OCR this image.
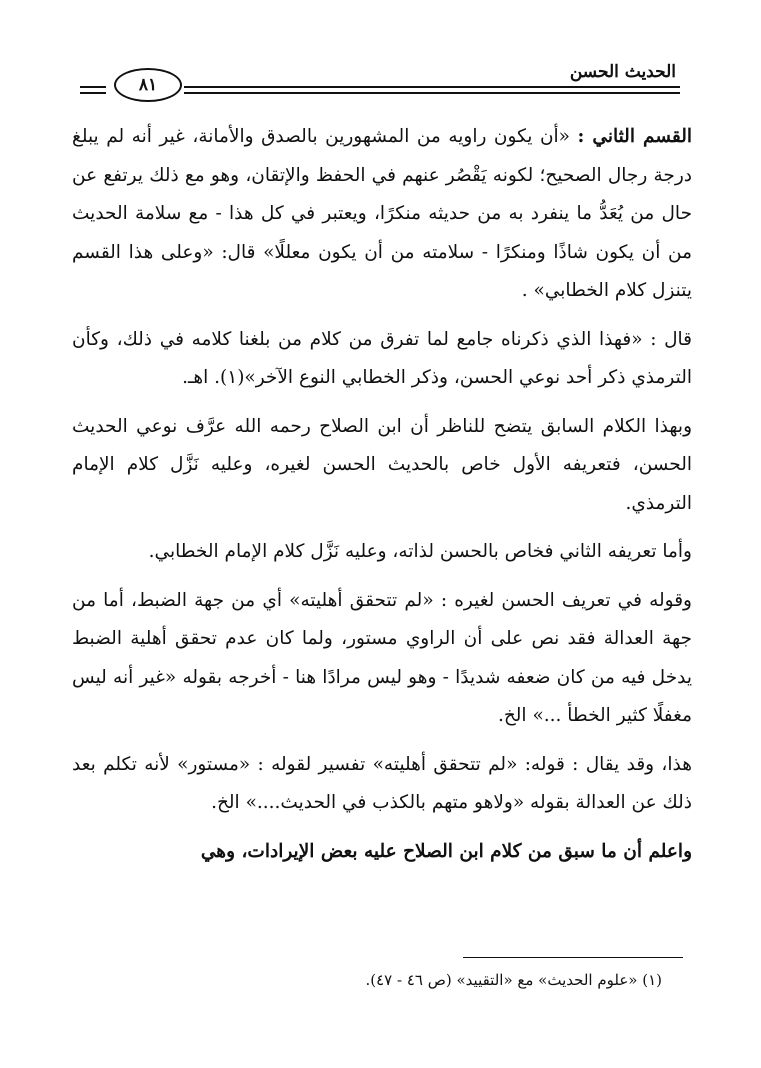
٨١
الحديث الحسن

القسم الثاني : «أن يكون راويه من المشهورين بالصدق والأمانة، غير أنه لم يبلغ درجة رجال الصحيح؛ لكونه يَقْصُر عنهم في الحفظ والإتقان، وهو مع ذلك يرتفع عن حال من يُعَدُّ ما ينفرد به من حديثه منكرًا، ويعتبر في كل هذا - مع سلامة الحديث من أن يكون شاذًا ومنكرًا - سلامته من أن يكون معللًا» قال: «وعلى هذا القسم يتنزل كلام الخطابي» .

قال : «فهذا الذي ذكرناه جامع لما تفرق من كلام من بلغنا كلامه في ذلك، وكأن الترمذي ذكر أحد نوعي الحسن، وذكر الخطابي النوع الآخر»(١). اهـ.

وبهذا الكلام السابق يتضح للناظر أن ابن الصلاح رحمه الله عرَّف نوعي الحديث الحسن، فتعريفه الأول خاص بالحديث الحسن لغيره، وعليه نَزَّل كلام الإمام الترمذي.

وأما تعريفه الثاني فخاص بالحسن لذاته، وعليه نَزَّل كلام الإمام الخطابي.

وقوله في تعريف الحسن لغيره : «لم تتحقق أهليته» أي من جهة الضبط، أما من جهة العدالة فقد نص على أن الراوي مستور، ولما كان عدم تحقق أهلية الضبط يدخل فيه من كان ضعفه شديدًا - وهو ليس مرادًا هنا - أخرجه بقوله «غير أنه ليس مغفلًا كثير الخطأ ...» الخ.

هذا، وقد يقال : قوله: «لم تتحقق أهليته» تفسير لقوله : «مستور» لأنه تكلم بعد ذلك عن العدالة بقوله «ولاهو متهم بالكذب في الحديث....» الخ.

واعلم أن ما سبق من كلام ابن الصلاح عليه بعض الإيرادات، وهي

(١) «علوم الحديث» مع «التقييد» (ص ٤٦ - ٤٧).
